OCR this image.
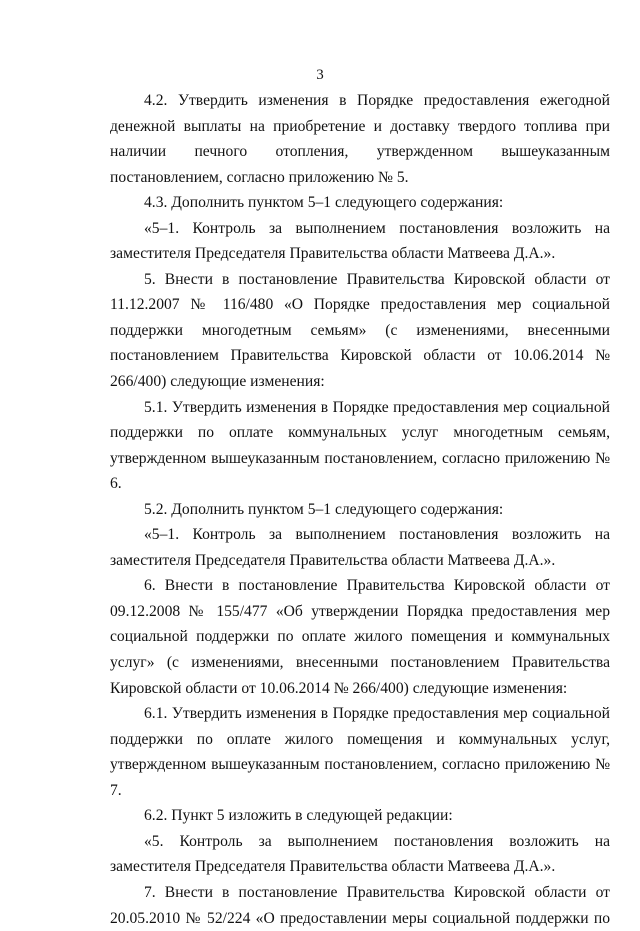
3

4.2. Утвердить изменения в Порядке предоставления ежегодной денежной выплаты на приобретение и доставку твердого топлива при наличии печного отопления, утвержденном вышеуказанным постановлением, согласно приложению № 5.

4.3. Дополнить пунктом 5–1 следующего содержания:

«5–1. Контроль за выполнением постановления возложить на заместителя Председателя Правительства области Матвеева Д.А.».

5. Внести в постановление Правительства Кировской области от 11.12.2007 № 116/480 «О Порядке предоставления мер социальной поддержки многодетным семьям» (с изменениями, внесенными постановлением Правительства Кировской области от 10.06.2014 № 266/400) следующие изменения:

5.1. Утвердить изменения в Порядке предоставления мер социальной поддержки по оплате коммунальных услуг многодетным семьям, утвержденном вышеуказанным постановлением, согласно приложению № 6.

5.2. Дополнить пунктом 5–1 следующего содержания:

«5–1. Контроль за выполнением постановления возложить на заместителя Председателя Правительства области Матвеева Д.А.».

6. Внести в постановление Правительства Кировской области от 09.12.2008 № 155/477 «Об утверждении Порядка предоставления мер социальной поддержки по оплате жилого помещения и коммунальных услуг» (с изменениями, внесенными постановлением Правительства Кировской области от 10.06.2014 № 266/400) следующие изменения:

6.1. Утвердить изменения в Порядке предоставления мер социальной поддержки по оплате жилого помещения и коммунальных услуг, утвержденном вышеуказанным постановлением, согласно приложению № 7.

6.2. Пункт 5 изложить в следующей редакции:

«5. Контроль за выполнением постановления возложить на заместителя Председателя Правительства области Матвеева Д.А.».

7. Внести в постановление Правительства Кировской области от 20.05.2010 № 52/224 «О предоставлении меры социальной поддержки по
